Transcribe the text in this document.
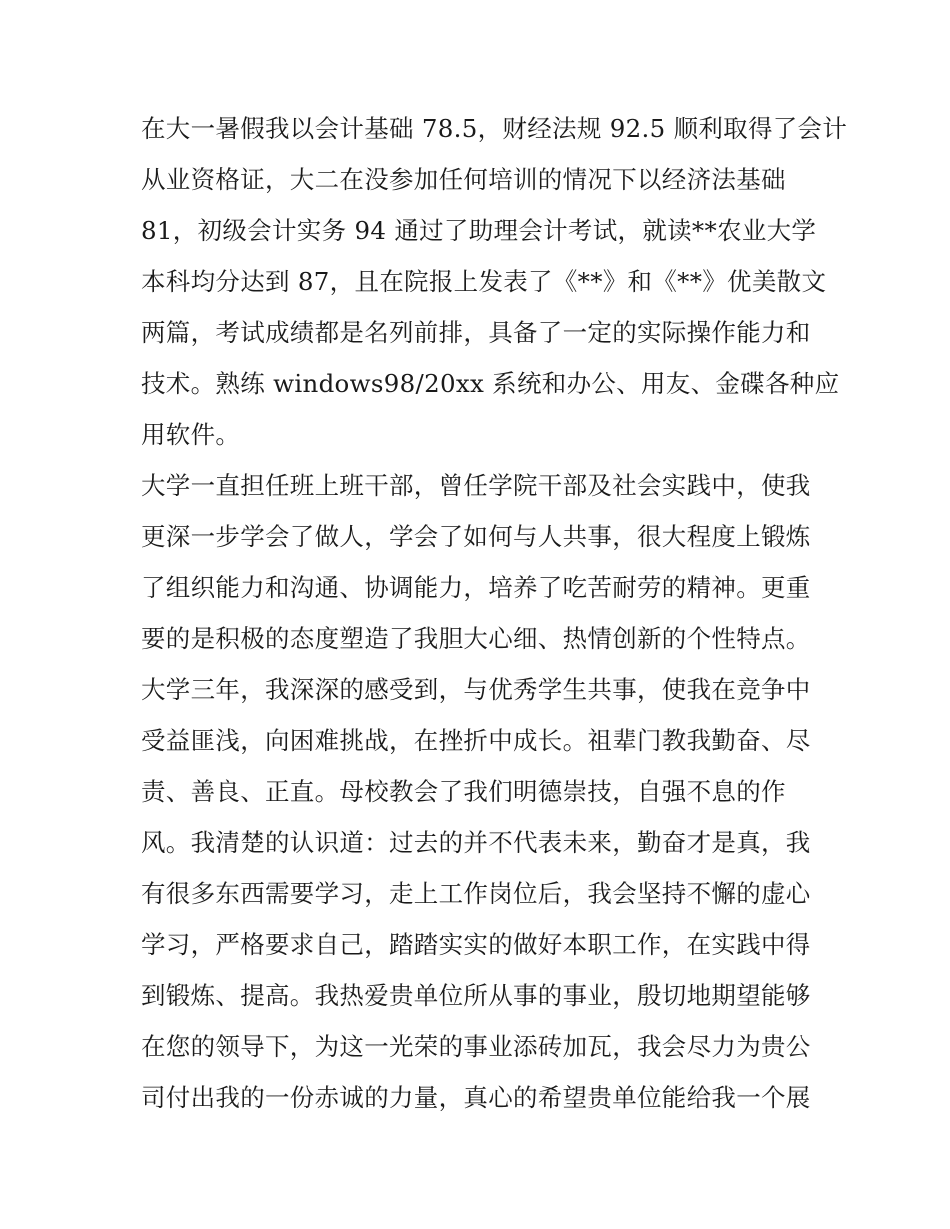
在大一暑假我以会计基础 78.5，财经法规 92.5 顺利取得了会计
从业资格证，大二在没参加任何培训的情况下以经济法基础
81，初级会计实务 94 通过了助理会计考试，就读**农业大学
本科均分达到 87，且在院报上发表了《**》和《**》优美散文
两篇，考试成绩都是名列前排，具备了一定的实际操作能力和
技术。熟练 windows98/20xx 系统和办公、用友、金碟各种应
用软件。
大学一直担任班上班干部，曾任学院干部及社会实践中，使我
更深一步学会了做人，学会了如何与人共事，很大程度上锻炼
了组织能力和沟通、协调能力，培养了吃苦耐劳的精神。更重
要的是积极的态度塑造了我胆大心细、热情创新的个性特点。
大学三年，我深深的感受到，与优秀学生共事，使我在竞争中
受益匪浅，向困难挑战，在挫折中成长。祖辈门教我勤奋、尽
责、善良、正直。母校教会了我们明德崇技，自强不息的作
风。我清楚的认识道：过去的并不代表未来，勤奋才是真，我
有很多东西需要学习，走上工作岗位后，我会坚持不懈的虚心
学习，严格要求自己，踏踏实实的做好本职工作，在实践中得
到锻炼、提高。我热爱贵单位所从事的事业，殷切地期望能够
在您的领导下，为这一光荣的事业添砖加瓦，我会尽力为贵公
司付出我的一份赤诚的力量，真心的希望贵单位能给我一个展
